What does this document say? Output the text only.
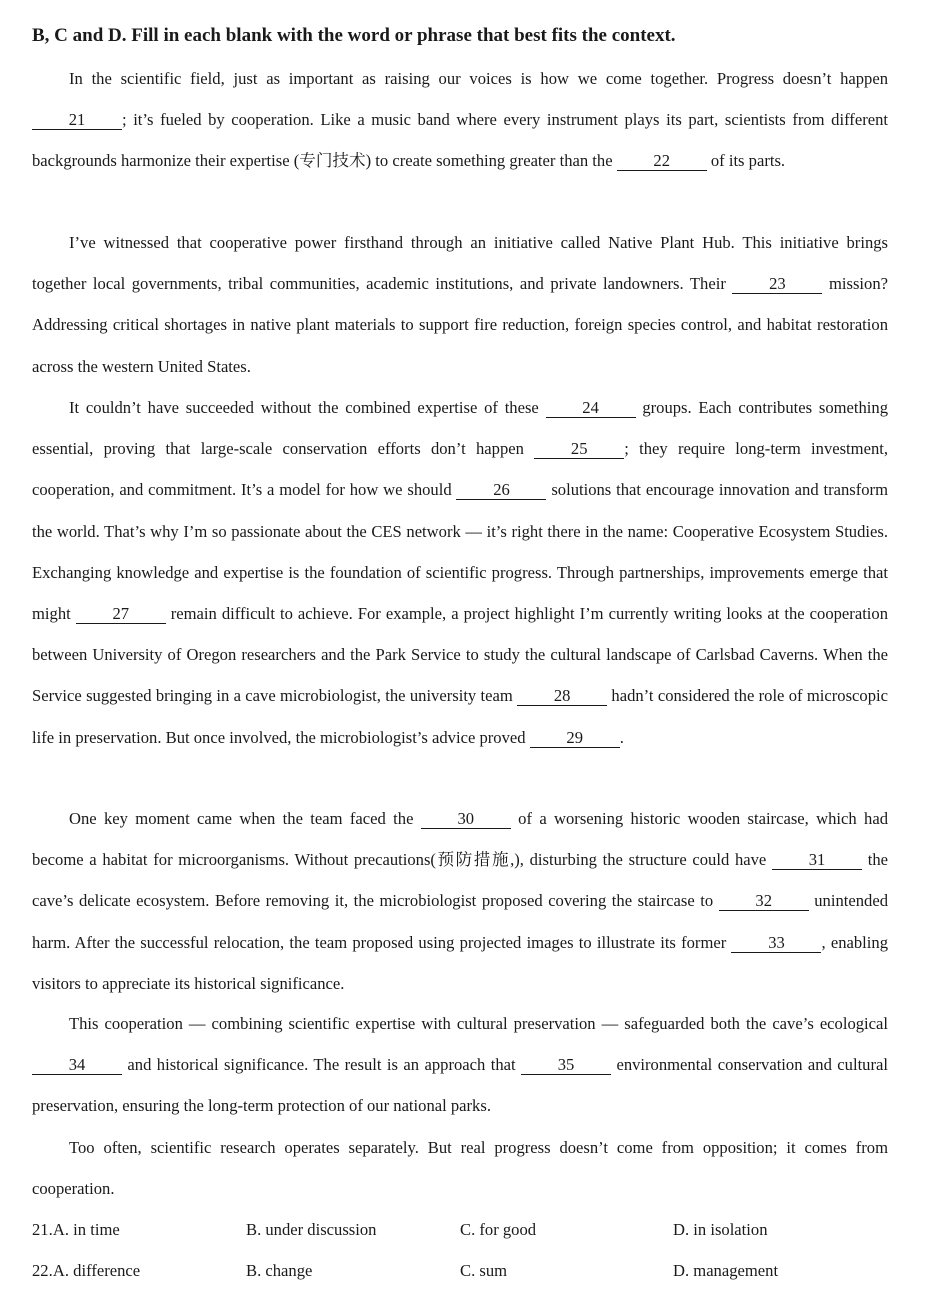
B, C and D. Fill in each blank with the word or phrase that best fits the context.
In the scientific field, just as important as raising our voices is how we come together. Progress doesn’t happen 21 ; it’s fueled by cooperation. Like a music band where every instrument plays its part, scientists from different backgrounds harmonize their expertise (专门技术) to create something greater than the 22 of its parts.
I’ve witnessed that cooperative power firsthand through an initiative called Native Plant Hub. This initiative brings together local governments, tribal communities, academic institutions, and private landowners. Their 23 mission? Addressing critical shortages in native plant materials to support fire reduction, foreign species control, and habitat restoration across the western United States.
It couldn’t have succeeded without the combined expertise of these 24 groups. Each contributes something essential, proving that large-scale conservation efforts don’t happen 25 ; they require long-term investment, cooperation, and commitment. It’s a model for how we should 26 solutions that encourage innovation and transform the world. That’s why I’m so passionate about the CES network — it’s right there in the name: Cooperative Ecosystem Studies. Exchanging knowledge and expertise is the foundation of scientific progress. Through partnerships, improvements emerge that might 27 remain difficult to achieve. For example, a project highlight I’m currently writing looks at the cooperation between University of Oregon researchers and the Park Service to study the cultural landscape of Carlsbad Caverns. When the Service suggested bringing in a cave microbiologist, the university team 28 hadn’t considered the role of microscopic life in preservation. But once involved, the microbiologist’s advice proved 29 .
One key moment came when the team faced the 30 of a worsening historic wooden staircase, which had become a habitat for microorganisms. Without precautions(预防措施,), disturbing the structure could have 31 the cave’s delicate ecosystem. Before removing it, the microbiologist proposed covering the staircase to 32 unintended harm. After the successful relocation, the team proposed using projected images to illustrate its former 33 , enabling visitors to appreciate its historical significance.
This cooperation — combining scientific expertise with cultural preservation — safeguarded both the cave’s ecological 34 and historical significance. The result is an approach that 35 environmental conservation and cultural preservation, ensuring the long-term protection of our national parks.
Too often, scientific research operates separately. But real progress doesn’t come from opposition; it comes from cooperation.
21. A. in time	B. under discussion	C. for good	D. in isolation
22. A. difference	B. change	C. sum	D. management
